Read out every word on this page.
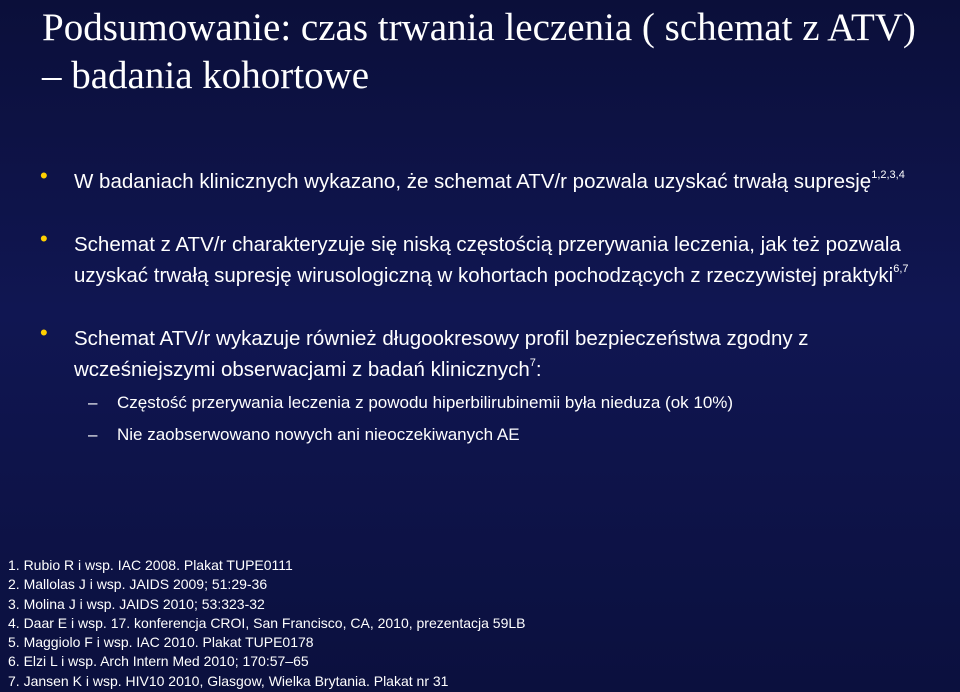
Podsumowanie: czas trwania leczenia ( schemat z ATV) – badania kohortowe
• W badaniach klinicznych wykazano, że schemat ATV/r pozwala uzyskać trwałą supresję$^{1,2,3,4}$
• Schemat z ATV/r charakteryzuje się niską częstością przerywania leczenia, jak też pozwala uzyskać trwałą supresję wirusologiczną w kohortach pochodzących z rzeczywistej praktyki$^{6,7}$
• Schemat ATV/r wykazuje również długookresowy profil bezpieczeństwa zgodny z wcześniejszymi obserwacjami z badań klinicznych$^7$:
– Częstość przerywania leczenia z powodu hiperbilirubinemii była nieduza (ok 10%)
– Nie zaobserwowano nowych ani nieoczekiwanych AE
1. Rubio R i wsp. IAC 2008. Plakat TUPE0111
2. Mallolas J i wsp. JAIDS 2009; 51:29-36
3. Molina J i wsp. JAIDS 2010; 53:323-32
4. Daar E i wsp. 17. konferencja CROI, San Francisco, CA, 2010, prezentacja 59LB
5. Maggiolo F i wsp. IAC 2010. Plakat TUPE0178
6. Elzi L i wsp. Arch Intern Med 2010; 170:57–65
7. Jansen K i wsp. HIV10 2010, Glasgow, Wielka Brytania. Plakat nr 31
